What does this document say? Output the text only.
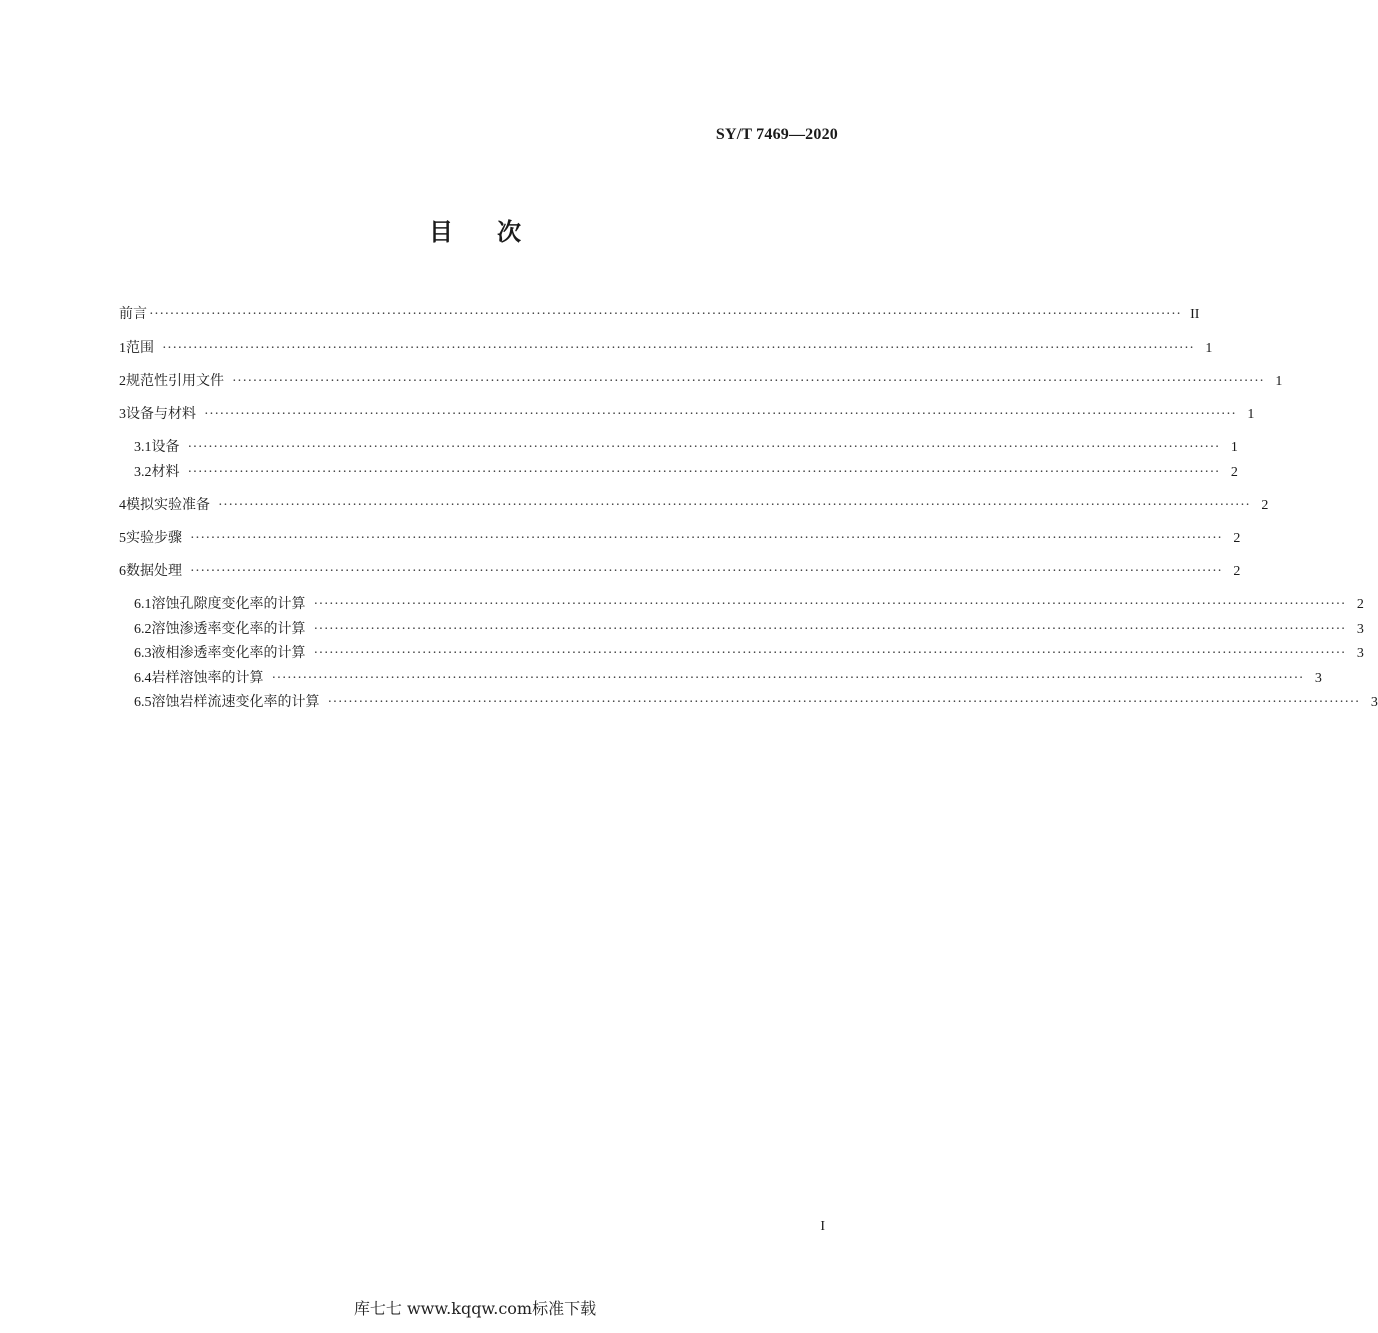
SY/T 7469—2020
目次
前言 ········································································································································································································ II
1 范围 ········································································································································································································ 1
2 规范性引用文件 ········································································································································································································ 1
3 设备与材料 ········································································································································································································ 1
3.1 设备 ········································································································································································································ 1
3.2 材料 ········································································································································································································ 2
4 模拟实验准备 ········································································································································································································ 2
5 实验步骤 ········································································································································································································ 2
6 数据处理 ········································································································································································································ 2
6.1 溶蚀孔隙度变化率的计算 ········································································································································································································ 2
6.2 溶蚀渗透率变化率的计算 ········································································································································································································ 3
6.3 液相渗透率变化率的计算 ········································································································································································································ 3
6.4 岩样溶蚀率的计算 ········································································································································································································ 3
6.5 溶蚀岩样流速变化率的计算 ········································································································································································································ 3
I
库七七 www.kqqw.com标准下载
